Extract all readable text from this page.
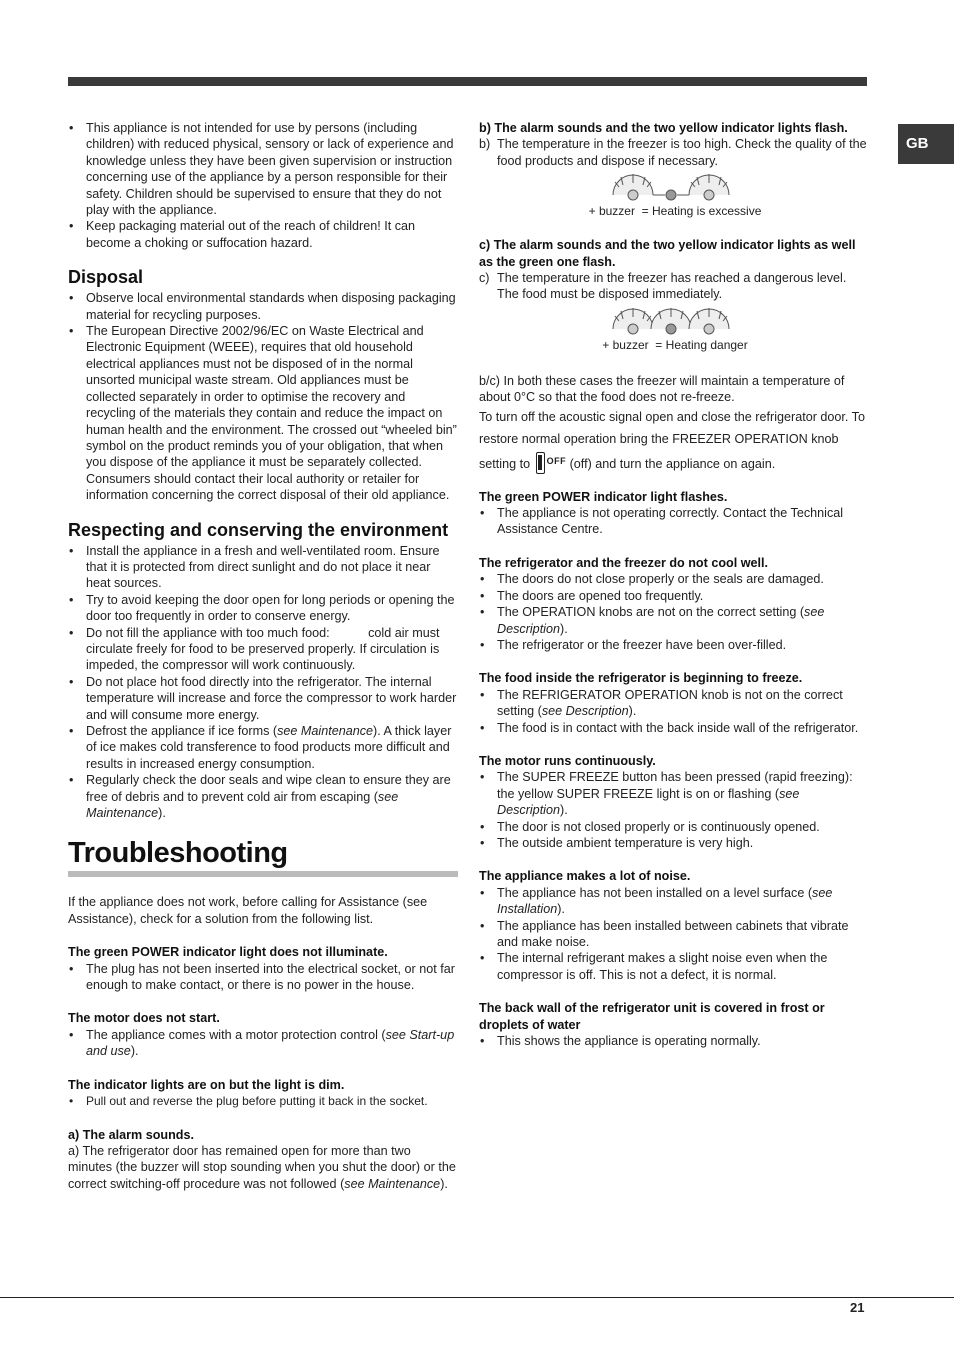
GB
• This appliance is not intended for use by persons (including children) with reduced physical, sensory or lack of experience and knowledge unless they have been given supervision or instruction concerning use of the appliance by a person responsible for their safety. Children should be supervised to ensure that they do not play with the appliance.
• Keep packaging material out of the reach of children! It can become a choking or suffocation hazard.
Disposal
• Observe local environmental standards when disposing packaging material for recycling purposes.
• The European Directive 2002/96/EC on Waste Electrical and Electronic Equipment (WEEE), requires that old household electrical appliances must not be disposed of in the normal unsorted municipal waste stream. Old appliances must be collected separately in order to optimise the recovery and recycling of the materials they contain and reduce the impact on human health and the environment. The crossed out “wheeled bin” symbol on the product reminds you of your obligation, that when you dispose of the appliance it must be separately collected.

Consumers should contact their local authority or retailer for information concerning the correct disposal of their old appliance.

Respecting and conserving the environment
• Install the appliance in a fresh and well-ventilated room. Ensure that it is protected from direct sunlight and do not place it near heat sources.
• Try to avoid keeping the door open for long periods or opening the door too frequently in order to conserve energy.
• Do not fill the appliance with too much food:           cold air must circulate freely for food to be preserved properly. If circulation is impeded, the compressor will work continuously.
• Do not place hot food directly into the refrigerator. The internal temperature will increase and force the compressor to work harder and will consume more energy.
• Defrost the appliance if ice forms (see Maintenance). A thick layer of ice makes cold transference to food products more difficult and results in increased energy consumption.
• Regularly check the door seals and wipe clean to ensure they are free of debris and to prevent cold air from escaping (see Maintenance).
Troubleshooting

If the appliance does not work, before calling for Assistance (see Assistance), check for a solution from the following list.

The green POWER indicator light does not illuminate.

• The plug has not been inserted into the electrical socket, or not far enough to make contact, or there is no power in the house.

The motor does not start.

• The appliance comes with a motor protection control (see Start-up and use).

The indicator lights are on but the light is dim.

• Pull out and reverse the plug before putting it back in the socket.

a) The alarm sounds.

a) The refrigerator door has remained open for more than two minutes (the buzzer will stop sounding when you shut the door) or the correct switching-off procedure was not followed (see Maintenance).

b) The alarm sounds and the two yellow indicator lights flash.

b) The temperature in the freezer is too high. Check the quality of the food products and dispose if necessary.

+ buzzer  = Heating is excessive

c) The alarm sounds and the two yellow indicator lights as well as the green one flash.

c) The temperature in the freezer has reached a dangerous level. The food must be disposed immediately.

+ buzzer  = Heating danger

b/c) In both these cases the freezer will maintain a temperature of about 0°C so that the food does not re-freeze.

To turn off the acoustic signal open and close the refrigerator door. To restore normal operation bring the FREEZER OPERATION knob setting to $^{OFF}$ (off) and turn the appliance on again.

The green POWER indicator light flashes.

• The appliance is not operating correctly. Contact the Technical Assistance Centre.

The refrigerator and the freezer do not cool well.

• The doors do not close properly or the seals are damaged.
• The doors are opened too frequently.
• The OPERATION knobs are not on the correct setting (see Description).
• The refrigerator or the freezer have been over-filled.

The food inside the refrigerator is beginning to freeze.

• The REFRIGERATOR OPERATION knob is not on the correct setting (see Description).
• The food is in contact with the back inside wall of the refrigerator.

The motor runs continuously.

• The SUPER FREEZE button has been pressed (rapid freezing): the yellow SUPER FREEZE light is on or flashing (see Description).
• The door is not closed properly or is continuously opened.
• The outside ambient temperature is very high.

The appliance makes a lot of noise.

• The appliance has not been installed on a level surface (see Installation).
• The appliance has been installed between cabinets that vibrate and make noise.
• The internal refrigerant makes a slight noise even when the compressor is off. This is not a defect, it is normal.

The back wall of the refrigerator unit is covered in frost or droplets of water

• This shows the appliance is operating normally.
21
